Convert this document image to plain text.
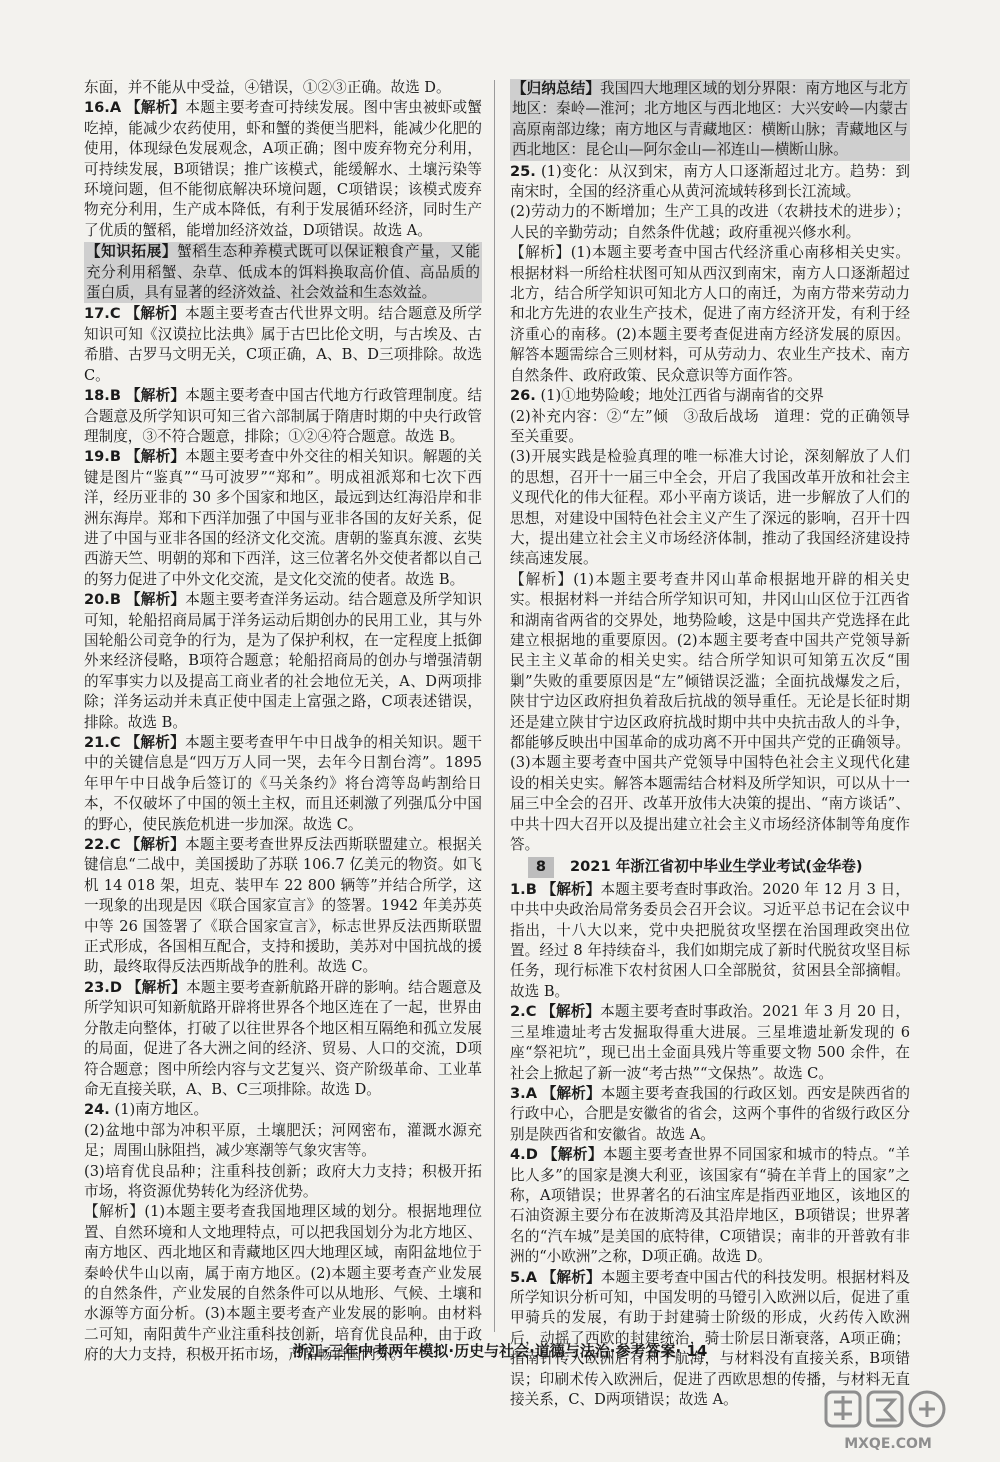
东面，并不能从中受益，④错误，①②③正确。故选 D。
16.A 【解析】本题主要考查可持续发展。图中害虫被虾或蟹吃掉，能减少农药使用，虾和蟹的粪便当肥料，能减少化肥的使用，体现绿色发展观念，A项正确；图中废弃物充分利用，可持续发展，B项错误；推广该模式，能缓解水、土壤污染等环境问题，但不能彻底解决环境问题，C项错误；该模式废弃物充分利用，生产成本降低，有利于发展循环经济，同时生产了优质的蟹稻，能增加经济效益，D项错误。故选 A。
【知识拓展】蟹稻生态种养模式既可以保证粮食产量，又能充分利用稻蟹、杂草、低成本的饵料换取高价值、高品质的蛋白质，具有显著的经济效益、社会效益和生态效益。
17.C 【解析】本题主要考查古代世界文明。结合题意及所学知识可知《汉谟拉比法典》属于古巴比伦文明，与古埃及、古希腊、古罗马文明无关，C项正确，A、B、D三项排除。故选 C。
18.B 【解析】本题主要考查中国古代地方行政管理制度。结合题意及所学知识可知三省六部制属于隋唐时期的中央行政管理制度，③不符合题意，排除；①②④符合题意。故选 B。
19.B 【解析】本题主要考查中外交往的相关知识。解题的关键是图片“鉴真”“马可波罗”“郑和”。明成祖派郑和七次下西洋，经历亚非的 30 多个国家和地区，最远到达红海沿岸和非洲东海岸。郑和下西洋加强了中国与亚非各国的友好关系，促进了中国与亚非各国的经济文化交流。唐朝的鉴真东渡、玄奘西游天竺、明朝的郑和下西洋，这三位著名外交使者都以自己的努力促进了中外文化交流，是文化交流的使者。故选 B。
20.B 【解析】本题主要考查洋务运动。结合题意及所学知识可知，轮船招商局属于洋务运动后期创办的民用工业，其与外国轮船公司竞争的行为，是为了保护利权，在一定程度上抵御外来经济侵略，B项符合题意；轮船招商局的创办与增强清朝的军事实力以及提高工商业者的社会地位无关，A、D两项排除；洋务运动并未真正使中国走上富强之路，C项表述错误，排除。故选 B。
21.C 【解析】本题主要考查甲午中日战争的相关知识。题干中的关键信息是“四万万人同一哭，去年今日割台湾”。1895年甲午中日战争后签订的《马关条约》将台湾等岛屿割给日本，不仅破坏了中国的领土主权，而且还刺激了列强瓜分中国的野心，使民族危机进一步加深。故选 C。
22.C 【解析】本题主要考查世界反法西斯联盟建立。根据关键信息“二战中，美国援助了苏联 106.7 亿美元的物资。如飞机 14 018 架，坦克、装甲车 22 800 辆等”并结合所学，这一现象的出现是因《联合国家宣言》的签署。1942 年美苏英中等 26 国签署了《联合国家宣言》，标志世界反法西斯联盟正式形成，各国相互配合，支持和援助，美苏对中国抗战的援助，最终取得反法西斯战争的胜利。故选 C。
23.D 【解析】本题主要考查新航路开辟的影响。结合题意及所学知识可知新航路开辟将世界各个地区连在了一起，世界由分散走向整体，打破了以往世界各个地区相互隔绝和孤立发展的局面，促进了各大洲之间的经济、贸易、人口的交流，D项符合题意；图中所绘内容与文艺复兴、资产阶级革命、工业革命无直接关联，A、B、C三项排除。故选 D。
24. (1)南方地区。
(2)盆地中部为冲积平原，土壤肥沃；河网密布，灌溉水源充足；周围山脉阻挡，减少寒潮等气象灾害等。
(3)培育优良品种；注重科技创新；政府大力支持；积极开拓市场，将资源优势转化为经济优势。
【解析】(1)本题主要考查我国地理区域的划分。根据地理位置、自然环境和人文地理特点，可以把我国划分为北方地区、南方地区、西北地区和青藏地区四大地理区域，南阳盆地位于秦岭伏牛山以南，属于南方地区。(2)本题主要考查产业发展的自然条件，产业发展的自然条件可以从地形、气候、土壤和水源等方面分析。(3)本题主要考查产业发展的影响。由材料二可知，南阳黄牛产业注重科技创新，培育优良品种，由于政府的大力支持，积极开拓市场，产品畅销国内外。
【归纳总结】我国四大地理区域的划分界限：南方地区与北方地区：秦岭—淮河；北方地区与西北地区：大兴安岭—内蒙古高原南部边缘；南方地区与青藏地区：横断山脉；青藏地区与西北地区：昆仑山—阿尔金山—祁连山—横断山脉。
25. (1)变化：从汉到宋，南方人口逐渐超过北方。趋势：到南宋时，全国的经济重心从黄河流域转移到长江流域。
(2)劳动力的不断增加；生产工具的改进（农耕技术的进步）；人民的辛勤劳动；自然条件优越；政府重视兴修水利。
【解析】(1)本题主要考查中国古代经济重心南移相关史实。根据材料一所给柱状图可知从西汉到南宋，南方人口逐渐超过北方，结合所学知识可知北方人口的南迁，为南方带来劳动力和北方先进的农业生产技术，促进了南方经济开发，有利于经济重心的南移。(2)本题主要考查促进南方经济发展的原因。解答本题需综合三则材料，可从劳动力、农业生产技术、南方自然条件、政府政策、民众意识等方面作答。
26. (1)①地势险峻；地处江西省与湖南省的交界
(2)补充内容：②“左”倾　③敌后战场　道理：党的正确领导至关重要。
(3)开展实践是检验真理的唯一标准大讨论，深刻解放了人们的思想，召开十一届三中全会，开启了我国改革开放和社会主义现代化的伟大征程。邓小平南方谈话，进一步解放了人们的思想，对建设中国特色社会主义产生了深远的影响，召开十四大，提出建立社会主义市场经济体制，推动了我国经济建设持续高速发展。
【解析】(1)本题主要考查井冈山革命根据地开辟的相关史实。根据材料一并结合所学知识可知，井冈山山区位于江西省和湖南省两省的交界处，地势险峻，这是中国共产党选择在此建立根据地的重要原因。(2)本题主要考查中国共产党领导新民主主义革命的相关史实。结合所学知识可知第五次反“围剿”失败的重要原因是“左”倾错误泛滥；全面抗战爆发之后，陕甘宁边区政府担负着敌后抗战的领导重任。无论是长征时期还是建立陕甘宁边区政府抗战时期中共中央抗击敌人的斗争，都能够反映出中国革命的成功离不开中国共产党的正确领导。(3)本题主要考查中国共产党领导中国特色社会主义现代化建设的相关史实。解答本题需结合材料及所学知识，可以从十一届三中全会的召开、改革开放伟大决策的提出、“南方谈话”、中共十四大召开以及提出建立社会主义市场经济体制等角度作答。
8	2021 年浙江省初中毕业生学业考试(金华卷)
1.B 【解析】本题主要考查时事政治。2020 年 12 月 3 日，中共中央政治局常务委员会召开会议。习近平总书记在会议中指出，十八大以来，党中央把脱贫攻坚摆在治国理政突出位置。经过 8 年持续奋斗，我们如期完成了新时代脱贫攻坚目标任务，现行标准下农村贫困人口全部脱贫，贫困县全部摘帽。故选 B。
2.C 【解析】本题主要考查时事政治。2021 年 3 月 20 日，三星堆遗址考古发掘取得重大进展。三星堆遗址新发现的 6 座“祭祀坑”，现已出土金面具残片等重要文物 500 余件，在社会上掀起了新一波“考古热”“文保热”。故选 C。
3.A 【解析】本题主要考查我国的行政区划。西安是陕西省的行政中心，合肥是安徽省的省会，这两个事件的省级行政区分别是陕西省和安徽省。故选 A。
4.D 【解析】本题主要考查世界不同国家和城市的特点。“羊比人多”的国家是澳大利亚，该国家有“骑在羊背上的国家”之称，A项错误；世界著名的石油宝库是指西亚地区，该地区的石油资源主要分布在波斯湾及其沿岸地区，B项错误；世界著名的“汽车城”是美国的底特律，C项错误；南非的开普敦有非洲的“小欧洲”之称，D项正确。故选 D。
5.A 【解析】本题主要考查中国古代的科技发明。根据材料及所学知识分析可知，中国发明的马镫引入欧洲以后，促进了重甲骑兵的发展，有助于封建骑士阶级的形成，火药传入欧洲后，动摇了西欧的封建统治，骑士阶层日渐衰落，A项正确；指南针传入欧洲后有利于航海，与材料没有直接关系，B项错误；印刷术传入欧洲后，促进了西欧思想的传播，与材料无直接关系，C、D两项错误；故选 A。
浙江·三年中考两年模拟·历史与社会·道德与法治·参考答案· 14
MXQE.COM
